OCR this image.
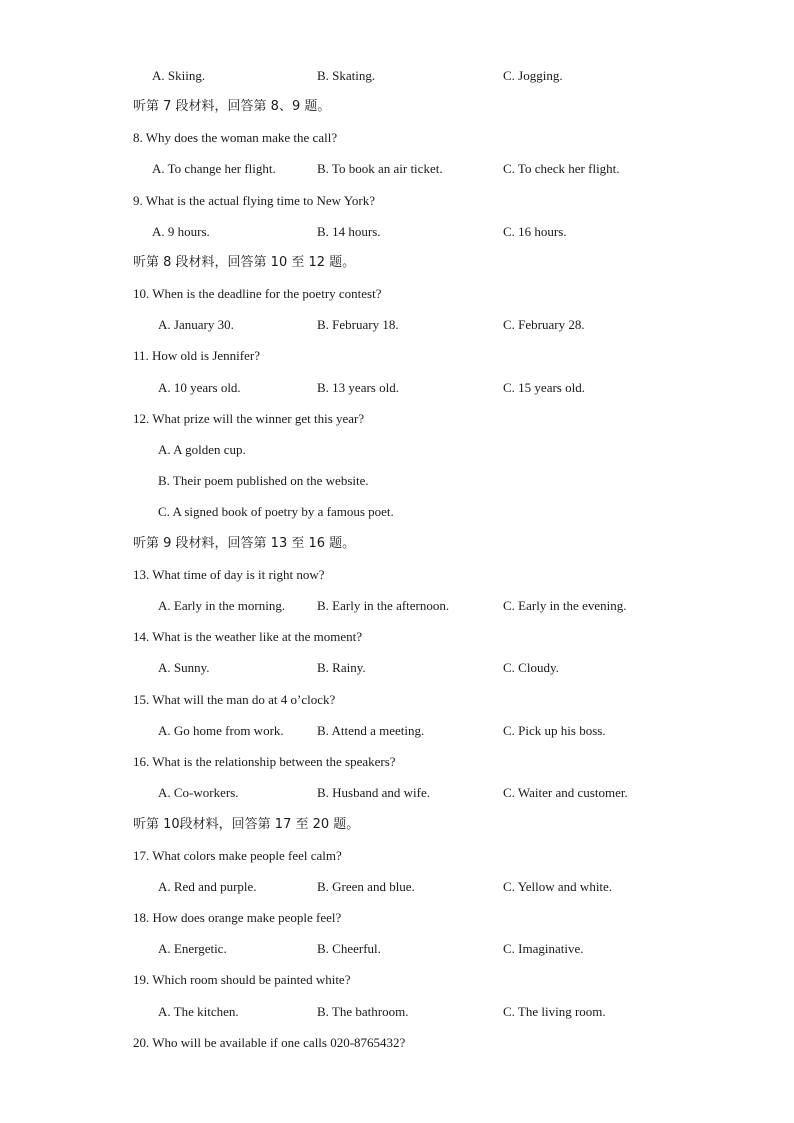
A. Skiing.	B. Skating.	C. Jogging.
听第 7 段材料，回答第 8、9 题。
8. Why does the woman make the call?
A. To change her flight.	B. To book an air ticket.	C. To check her flight.
9. What is the actual flying time to New York?
A. 9 hours.	B. 14 hours.	C. 16 hours.
听第 8 段材料，回答第 10 至 12 题。
10. When is the deadline for the poetry contest?
A. January 30.	B. February 18.	C. February 28.
11. How old is Jennifer?
A. 10 years old.	B. 13 years old.	C. 15 years old.
12. What prize will the winner get this year?
A. A golden cup.
B. Their poem published on the website.
C. A signed book of poetry by a famous poet.
听第 9 段材料，回答第 13 至 16 题。
13. What time of day is it right now?
A. Early in the morning. B. Early in the afternoon.	C. Early in the evening.
14. What is the weather like at the moment?
A. Sunny.	B. Rainy.	C. Cloudy.
15. What will the man do at 4 o’clock?
A. Go home from work.	B. Attend a meeting.	C. Pick up his boss.
16. What is the relationship between the speakers?
A. Co-workers.	B. Husband and wife.	C. Waiter and customer.
听第 10段材料，回答第 17 至 20 题。
17. What colors make people feel calm?
A. Red and purple.	B. Green and blue.	C. Yellow and white.
18. How does orange make people feel?
A. Energetic.	B. Cheerful.	C. Imaginative.
19. Which room should be painted white?
A. The kitchen.	B. The bathroom.	C. The living room.
20. Who will be available if one calls 020-8765432?
